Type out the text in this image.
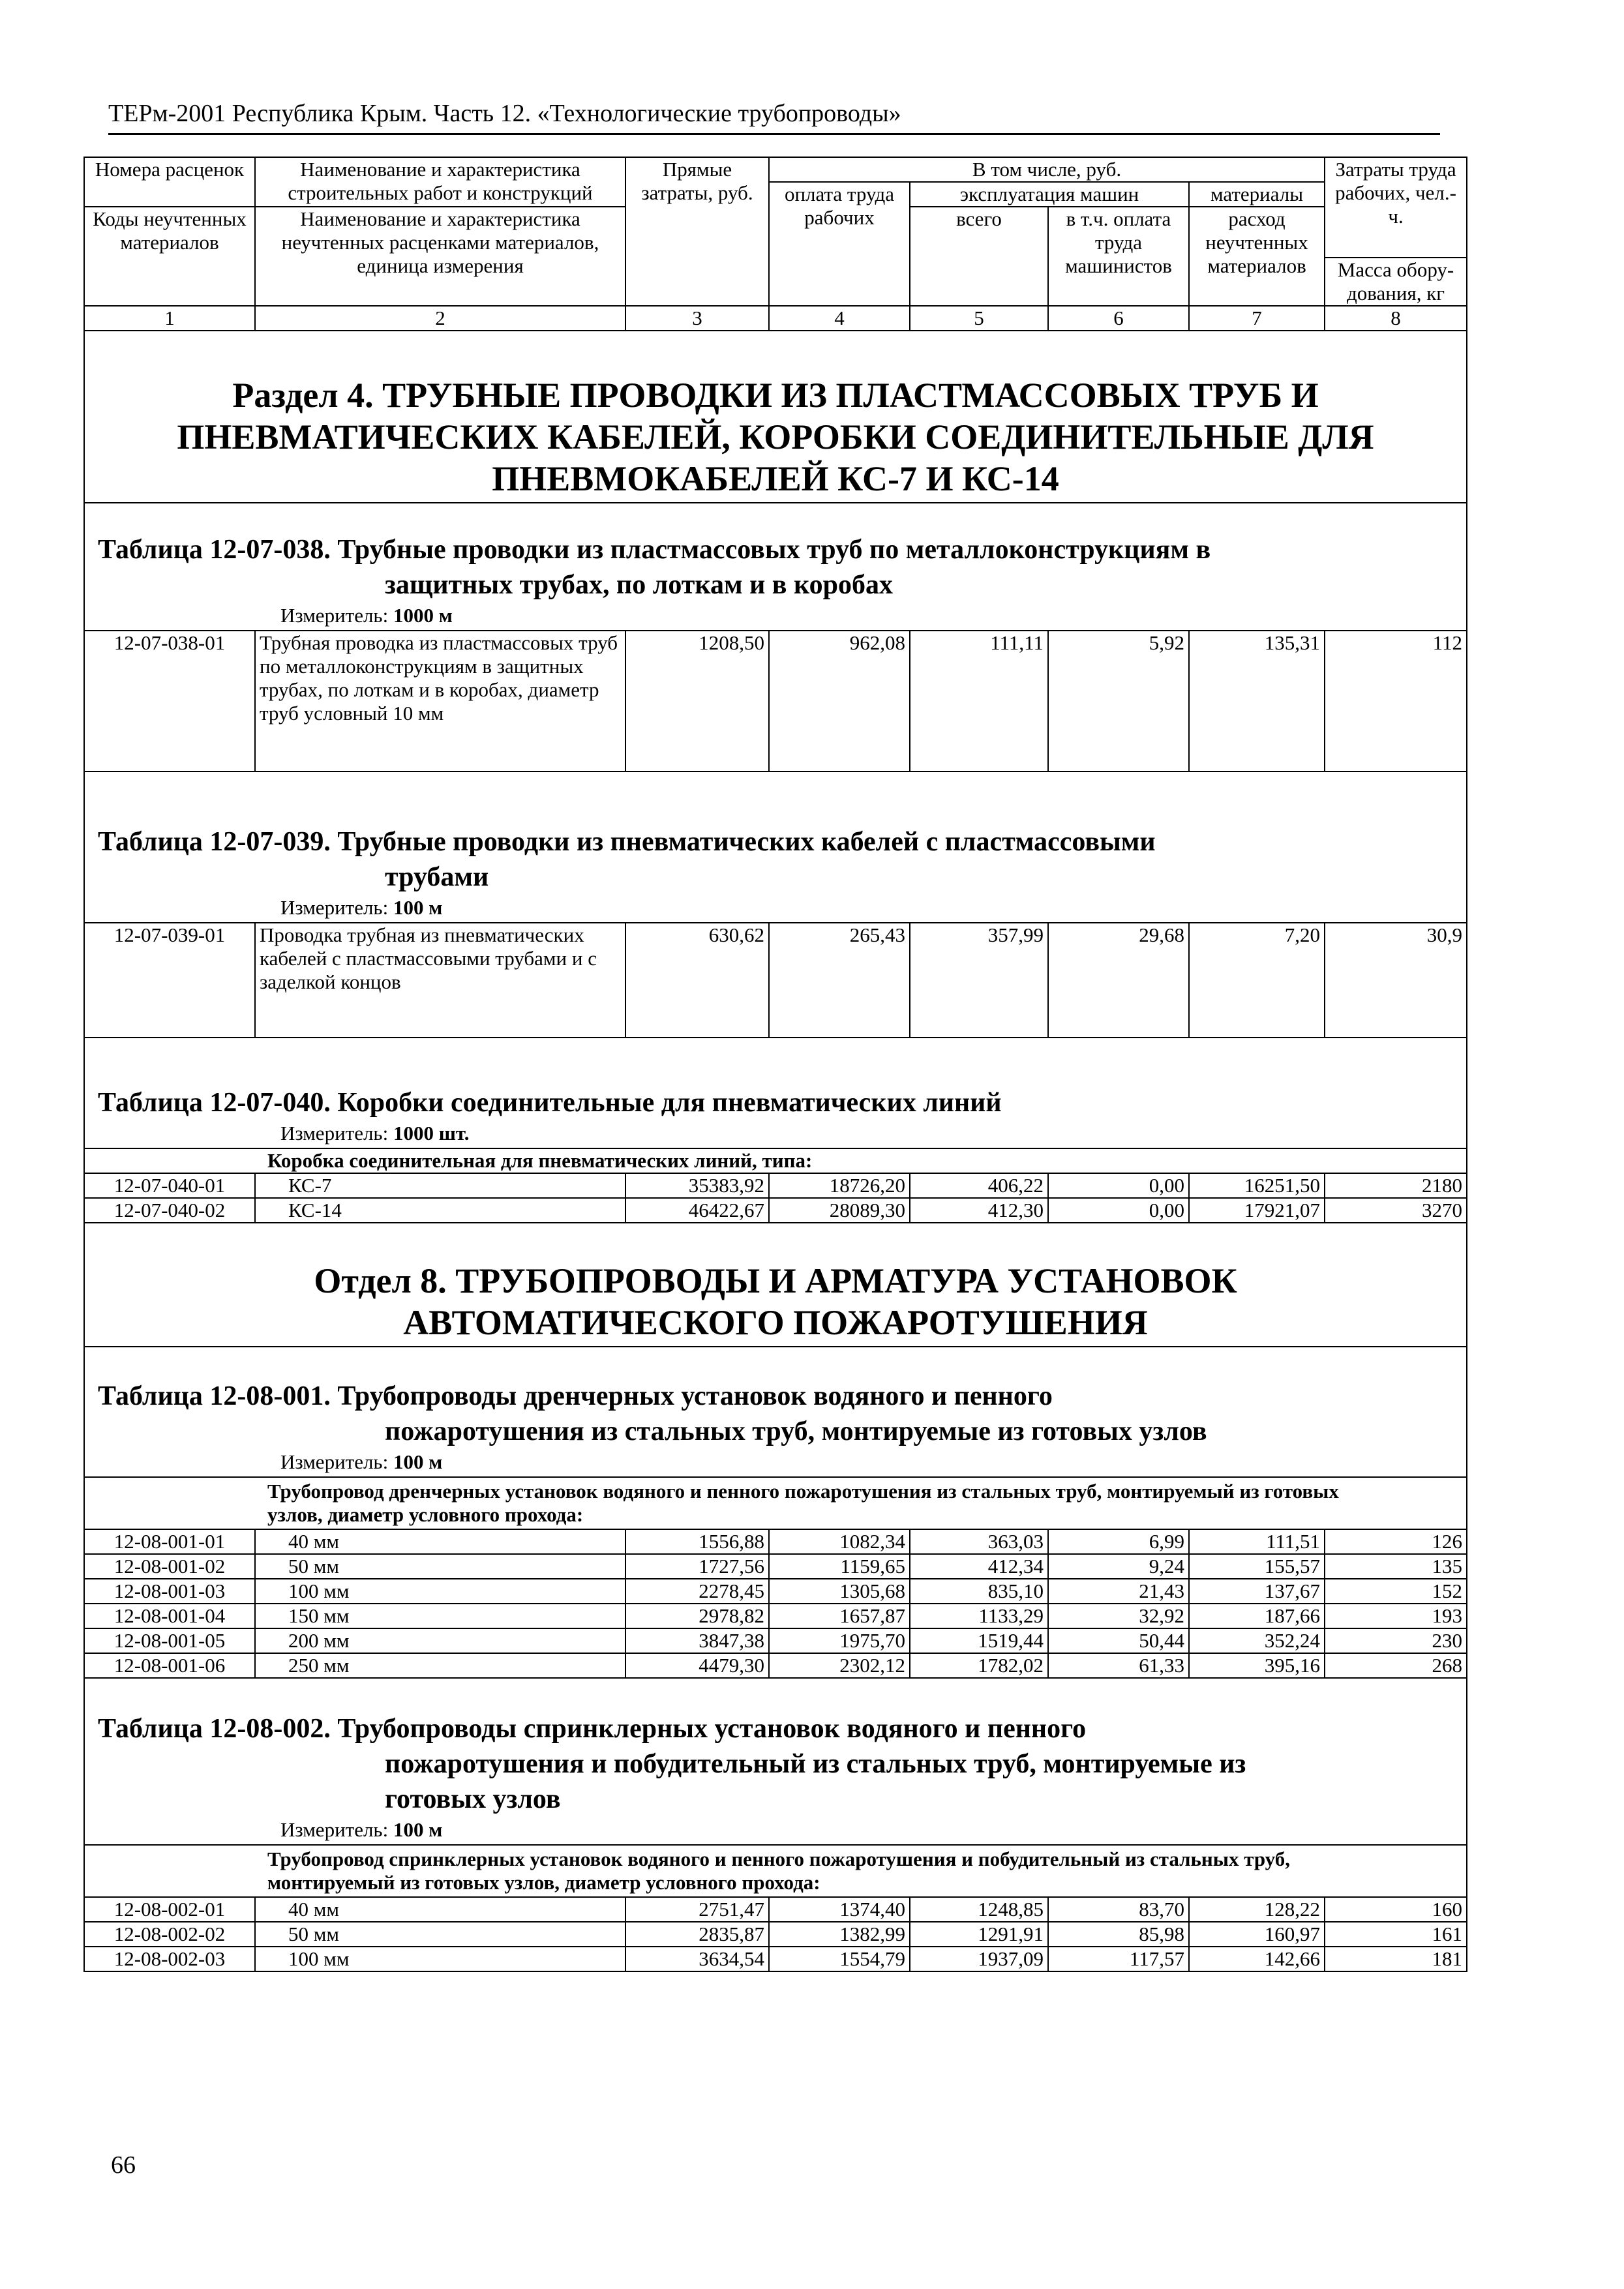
ТЕРм-2001 Республика Крым. Часть 12. «Технологические трубопроводы»
Номера расценок	Наименование и характеристика строительных работ и конструкций	Прямые затраты, руб.	В том числе, руб.				Затраты труда рабочих, чел.-ч.
			оплата труда рабочих	эксплуатация машин		материалы	
Коды неучтенных материалов	Наименование и характеристика неучтенных расценками материалов, единица измерения			всего	в т.ч. оплата труда машинистов	расход неучтенных материалов	
							Масса обору-дования, кг
1	2	3	4	5	6	7	8

Раздел 4. ТРУБНЫЕ ПРОВОДКИ ИЗ ПЛАСТМАССОВЫХ ТРУБ И ПНЕВМАТИЧЕСКИХ КАБЕЛЕЙ, КОРОБКИ СОЕДИНИТЕЛЬНЫЕ ДЛЯ ПНЕВМОКАБЕЛЕЙ КС-7 И КС-14							

Таблица 12-07-038. Трубные проводки из пластмассовых труб по металлоконструкциям в
защитных трубах, по лоткам и в коробах
Измеритель: 1000 м							

12-07-038-01	Трубная проводка из пластмассовых труб по металлоконструкциям в защитных трубах, по лоткам и в коробах, диаметр труб условный 10 мм	1208,50	962,08	111,11	5,92	135,31	112

Таблица 12-07-039. Трубные проводки из пневматических кабелей с пластмассовыми
трубами
Измеритель: 100 м							

12-07-039-01	Проводка трубная из пневматических кабелей с пластмассовыми трубами и с заделкой концов	630,62	265,43	357,99	29,68	7,20	30,9

Таблица 12-07-040. Коробки соединительные для пневматических линий
Измеритель: 1000 шт.							

Коробка соединительная для пневматических линий, типа:							
12-07-040-01	КС-7	35383,92	18726,20	406,22	0,00	16251,50	2180
12-07-040-02	КС-14	46422,67	28089,30	412,30	0,00	17921,07	3270

Отдел 8. ТРУБОПРОВОДЫ И АРМАТУРА УСТАНОВОК АВТОМАТИЧЕСКОГО ПОЖАРОТУШЕНИЯ							

Таблица 12-08-001. Трубопроводы дренчерных установок водяного и пенного
пожаротушения из стальных труб, монтируемые из готовых узлов
Измеритель: 100 м							

Трубопровод дренчерных установок водяного и пенного пожаротушения из стальных труб, монтируемый из готовых узлов, диаметр условного прохода:							
12-08-001-01	40 мм	1556,88	1082,34	363,03	6,99	111,51	126
12-08-001-02	50 мм	1727,56	1159,65	412,34	9,24	155,57	135
12-08-001-03	100 мм	2278,45	1305,68	835,10	21,43	137,67	152
12-08-001-04	150 мм	2978,82	1657,87	1133,29	32,92	187,66	193
12-08-001-05	200 мм	3847,38	1975,70	1519,44	50,44	352,24	230
12-08-001-06	250 мм	4479,30	2302,12	1782,02	61,33	395,16	268

Таблица 12-08-002. Трубопроводы спринклерных установок водяного и пенного
пожаротушения и побудительный из стальных труб, монтируемые из
готовых узлов
Измеритель: 100 м							

Трубопровод спринклерных установок водяного и пенного пожаротушения и побудительный из стальных труб, монтируемый из готовых узлов, диаметр условного прохода:							
12-08-002-01	40 мм	2751,47	1374,40	1248,85	83,70	128,22	160
12-08-002-02	50 мм	2835,87	1382,99	1291,91	85,98	160,97	161
12-08-002-03	100 мм	3634,54	1554,79	1937,09	117,57	142,66	181
66
